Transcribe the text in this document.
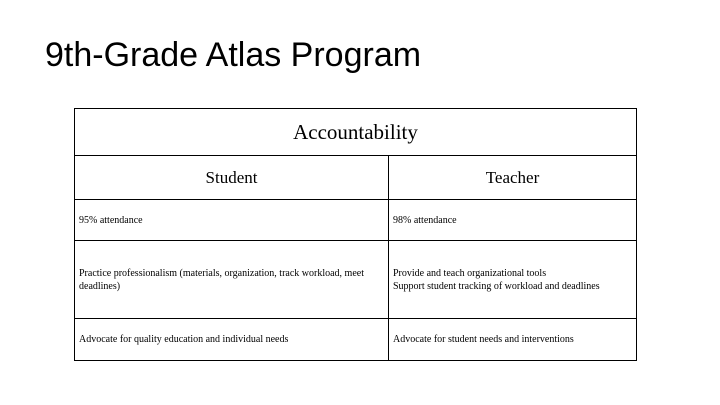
9th-Grade Atlas Program
Accountability	
Student	Teacher

95% attendance	98% attendance

Practice professionalism (materials, organization, track workload, meet deadlines)	Provide and teach organizational tools
Support student tracking of workload and deadlines

Advocate for quality education and individual needs	Advocate for student needs and interventions
